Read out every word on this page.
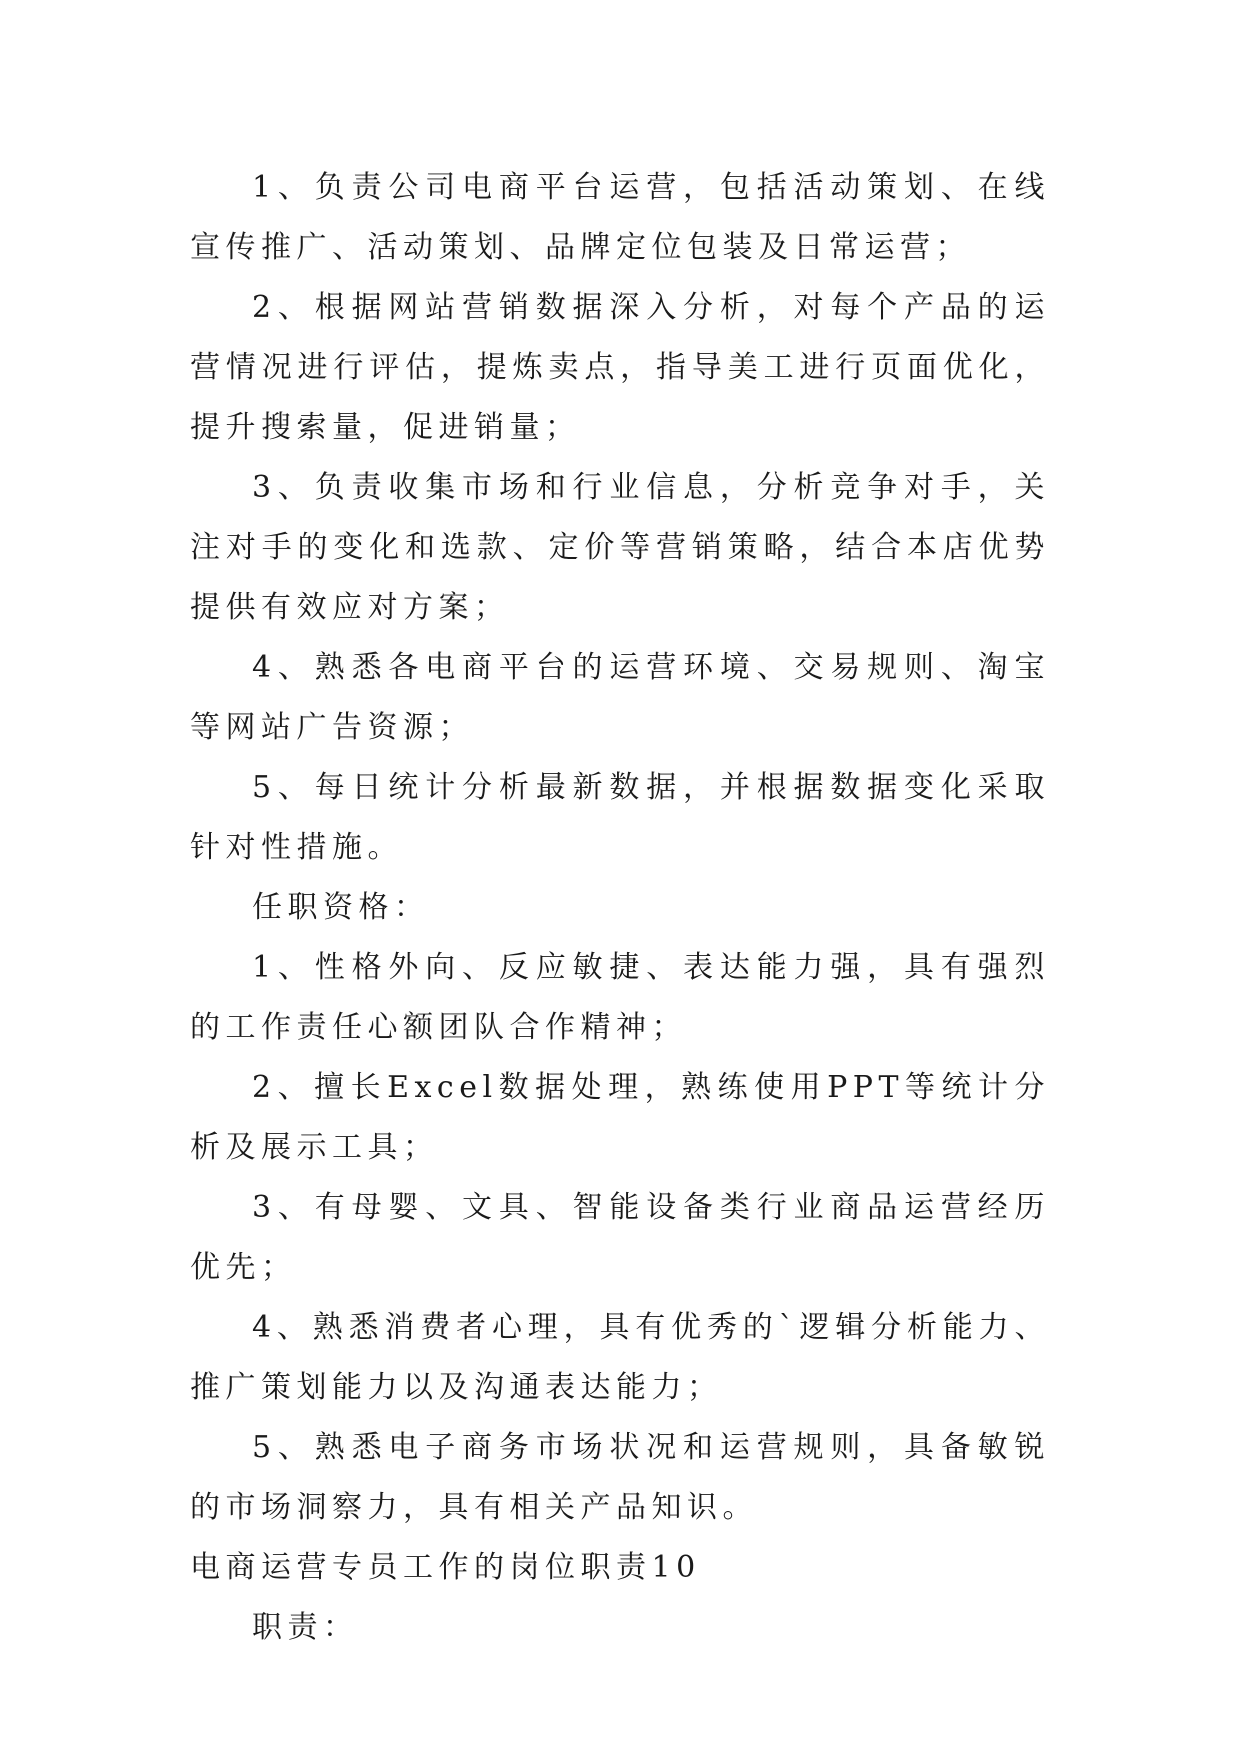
1、负责公司电商平台运营，包括活动策划、在线宣传推广、活动策划、品牌定位包装及日常运营；

2、根据网站营销数据深入分析，对每个产品的运营情况进行评估，提炼卖点，指导美工进行页面优化，提升搜索量，促进销量；

3、负责收集市场和行业信息，分析竞争对手，关注对手的变化和选款、定价等营销策略，结合本店优势提供有效应对方案；

4、熟悉各电商平台的运营环境、交易规则、淘宝等网站广告资源；

5、每日统计分析最新数据，并根据数据变化采取针对性措施。

任职资格：

1、性格外向、反应敏捷、表达能力强，具有强烈的工作责任心额团队合作精神；

2、擅长Excel数据处理，熟练使用PPT等统计分析及展示工具；

3、有母婴、文具、智能设备类行业商品运营经历优先；

4、熟悉消费者心理，具有优秀的`逻辑分析能力、推广策划能力以及沟通表达能力；

5、熟悉电子商务市场状况和运营规则，具备敏锐的市场洞察力，具有相关产品知识。

电商运营专员工作的岗位职责10

职责：
